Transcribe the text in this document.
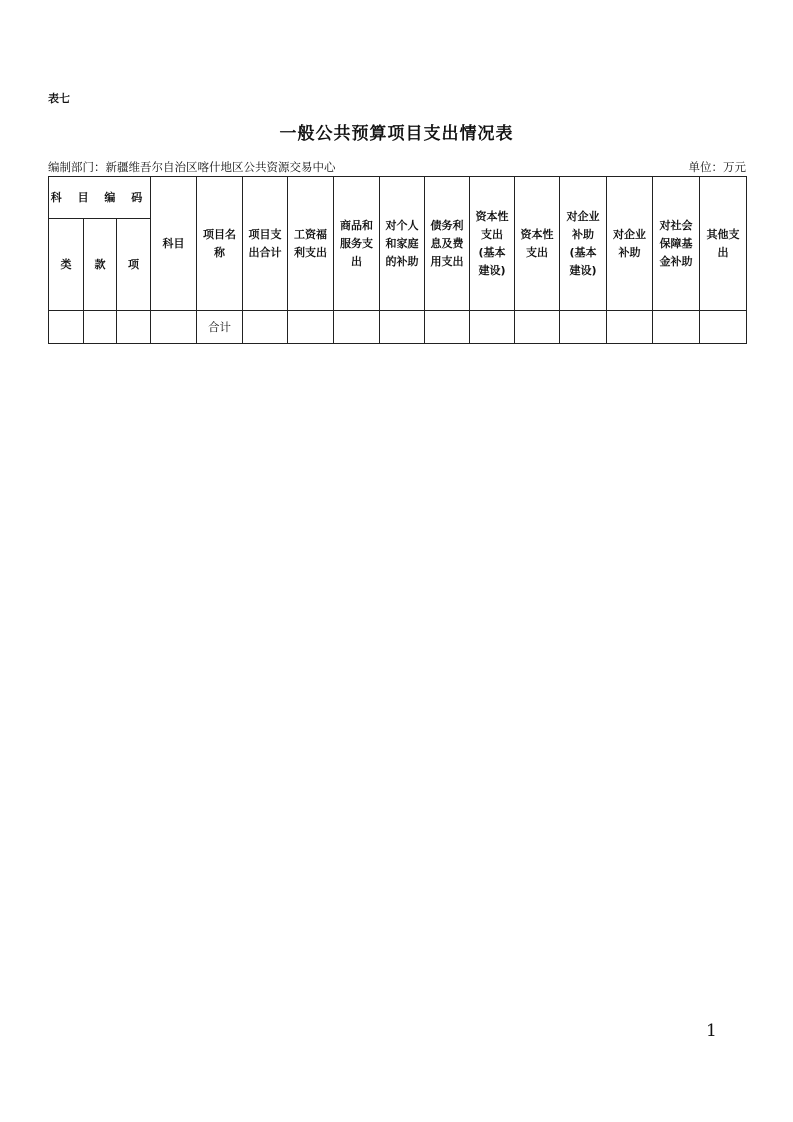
表七
一般公共预算项目支出情况表
编制部门：新疆维吾尔自治区喀什地区公共资源交易中心	单位：万元
科 目 编 码			科目	项目名称	项目支出合计	工资福利支出	商品和服务支出	对个人和家庭的补助	债务利息及费用支出	资本性支出(基本建设)	资本性支出	对企业补助(基本建设)	对企业补助	对社会保障基金补助	其他支出
类	款	项													
				合计											
1
